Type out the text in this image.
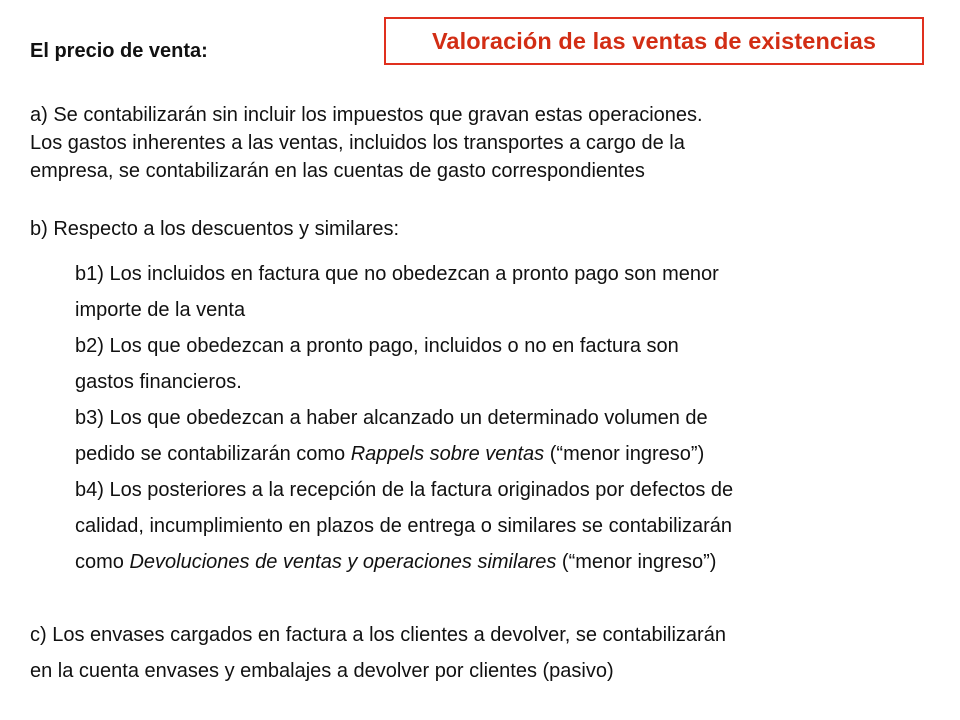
Valoración de las ventas de existencias
El precio de venta:
a) Se contabilizarán sin incluir los impuestos que gravan estas operaciones.
Los gastos inherentes a las ventas, incluidos los transportes a cargo de la
empresa, se contabilizarán en las cuentas de gasto correspondientes
b) Respecto a los descuentos y similares:
b1) Los incluidos en factura que no obedezcan a pronto pago son menor
importe de la venta
b2) Los que obedezcan a pronto pago, incluidos o no en factura son
gastos financieros.
b3) Los que obedezcan a haber alcanzado un determinado volumen de
pedido se contabilizarán como Rappels sobre ventas (“menor ingreso”)
b4) Los posteriores a la recepción de la factura originados por defectos de
calidad, incumplimiento en plazos de entrega o similares se contabilizarán
como Devoluciones de ventas y operaciones similares (“menor ingreso”)
c) Los envases cargados en factura a los clientes a devolver, se contabilizarán
en la cuenta envases y embalajes a devolver por clientes (pasivo)
